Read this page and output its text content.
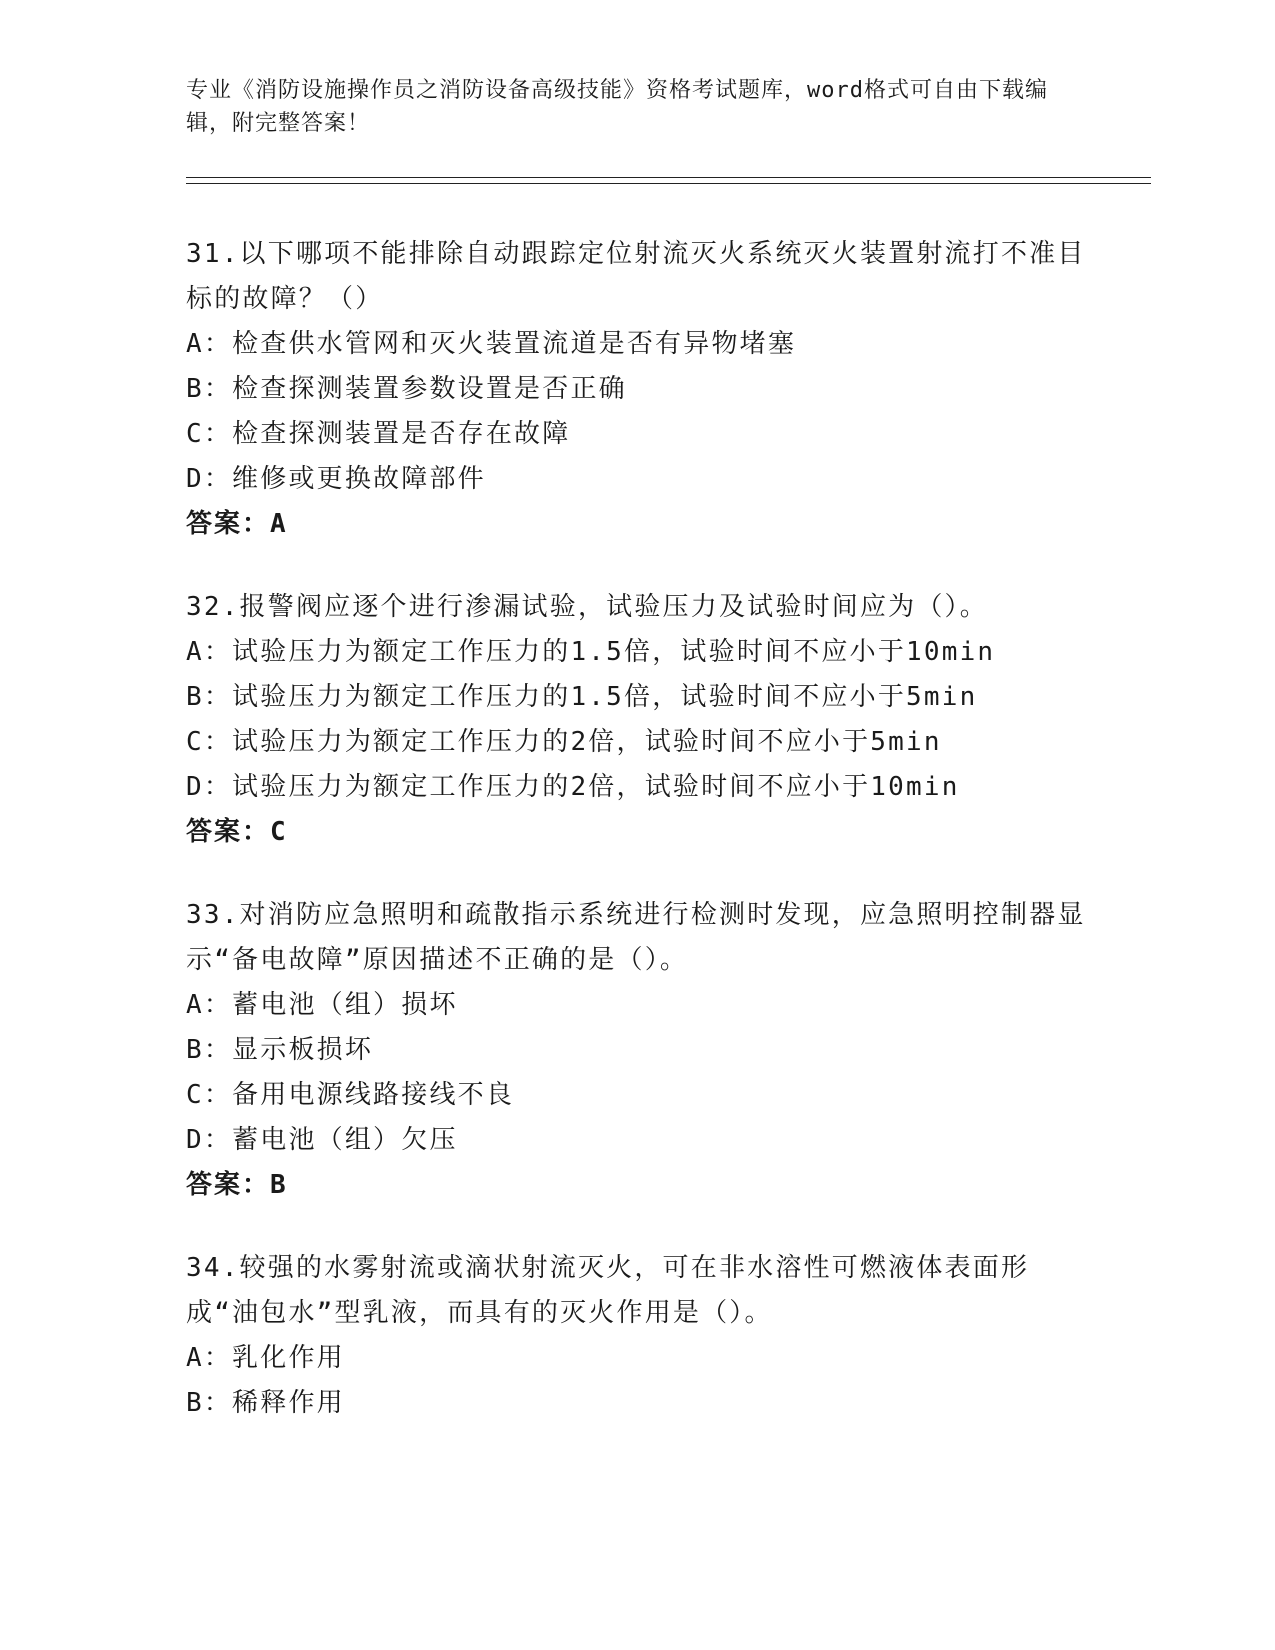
专业《消防设施操作员之消防设备高级技能》资格考试题库，word格式可自由下载编辑，附完整答案！

31.以下哪项不能排除自动跟踪定位射流灭火系统灭火装置射流打不准目标的故障？（）

A：检查供水管网和灭火装置流道是否有异物堵塞

B：检查探测装置参数设置是否正确

C：检查探测装置是否存在故障

D：维修或更换故障部件

答案：A

32.报警阀应逐个进行渗漏试验，试验压力及试验时间应为（）。

A：试验压力为额定工作压力的1.5倍，试验时间不应小于10min

B：试验压力为额定工作压力的1.5倍，试验时间不应小于5min

C：试验压力为额定工作压力的2倍，试验时间不应小于5min

D：试验压力为额定工作压力的2倍，试验时间不应小于10min

答案：C

33.对消防应急照明和疏散指示系统进行检测时发现，应急照明控制器显示“备电故障”原因描述不正确的是（）。

A：蓄电池（组）损坏

B：显示板损坏

C：备用电源线路接线不良

D：蓄电池（组）欠压

答案：B

34.较强的水雾射流或滴状射流灭火，可在非水溶性可燃液体表面形成“油包水”型乳液，而具有的灭火作用是（）。

A：乳化作用

B：稀释作用
